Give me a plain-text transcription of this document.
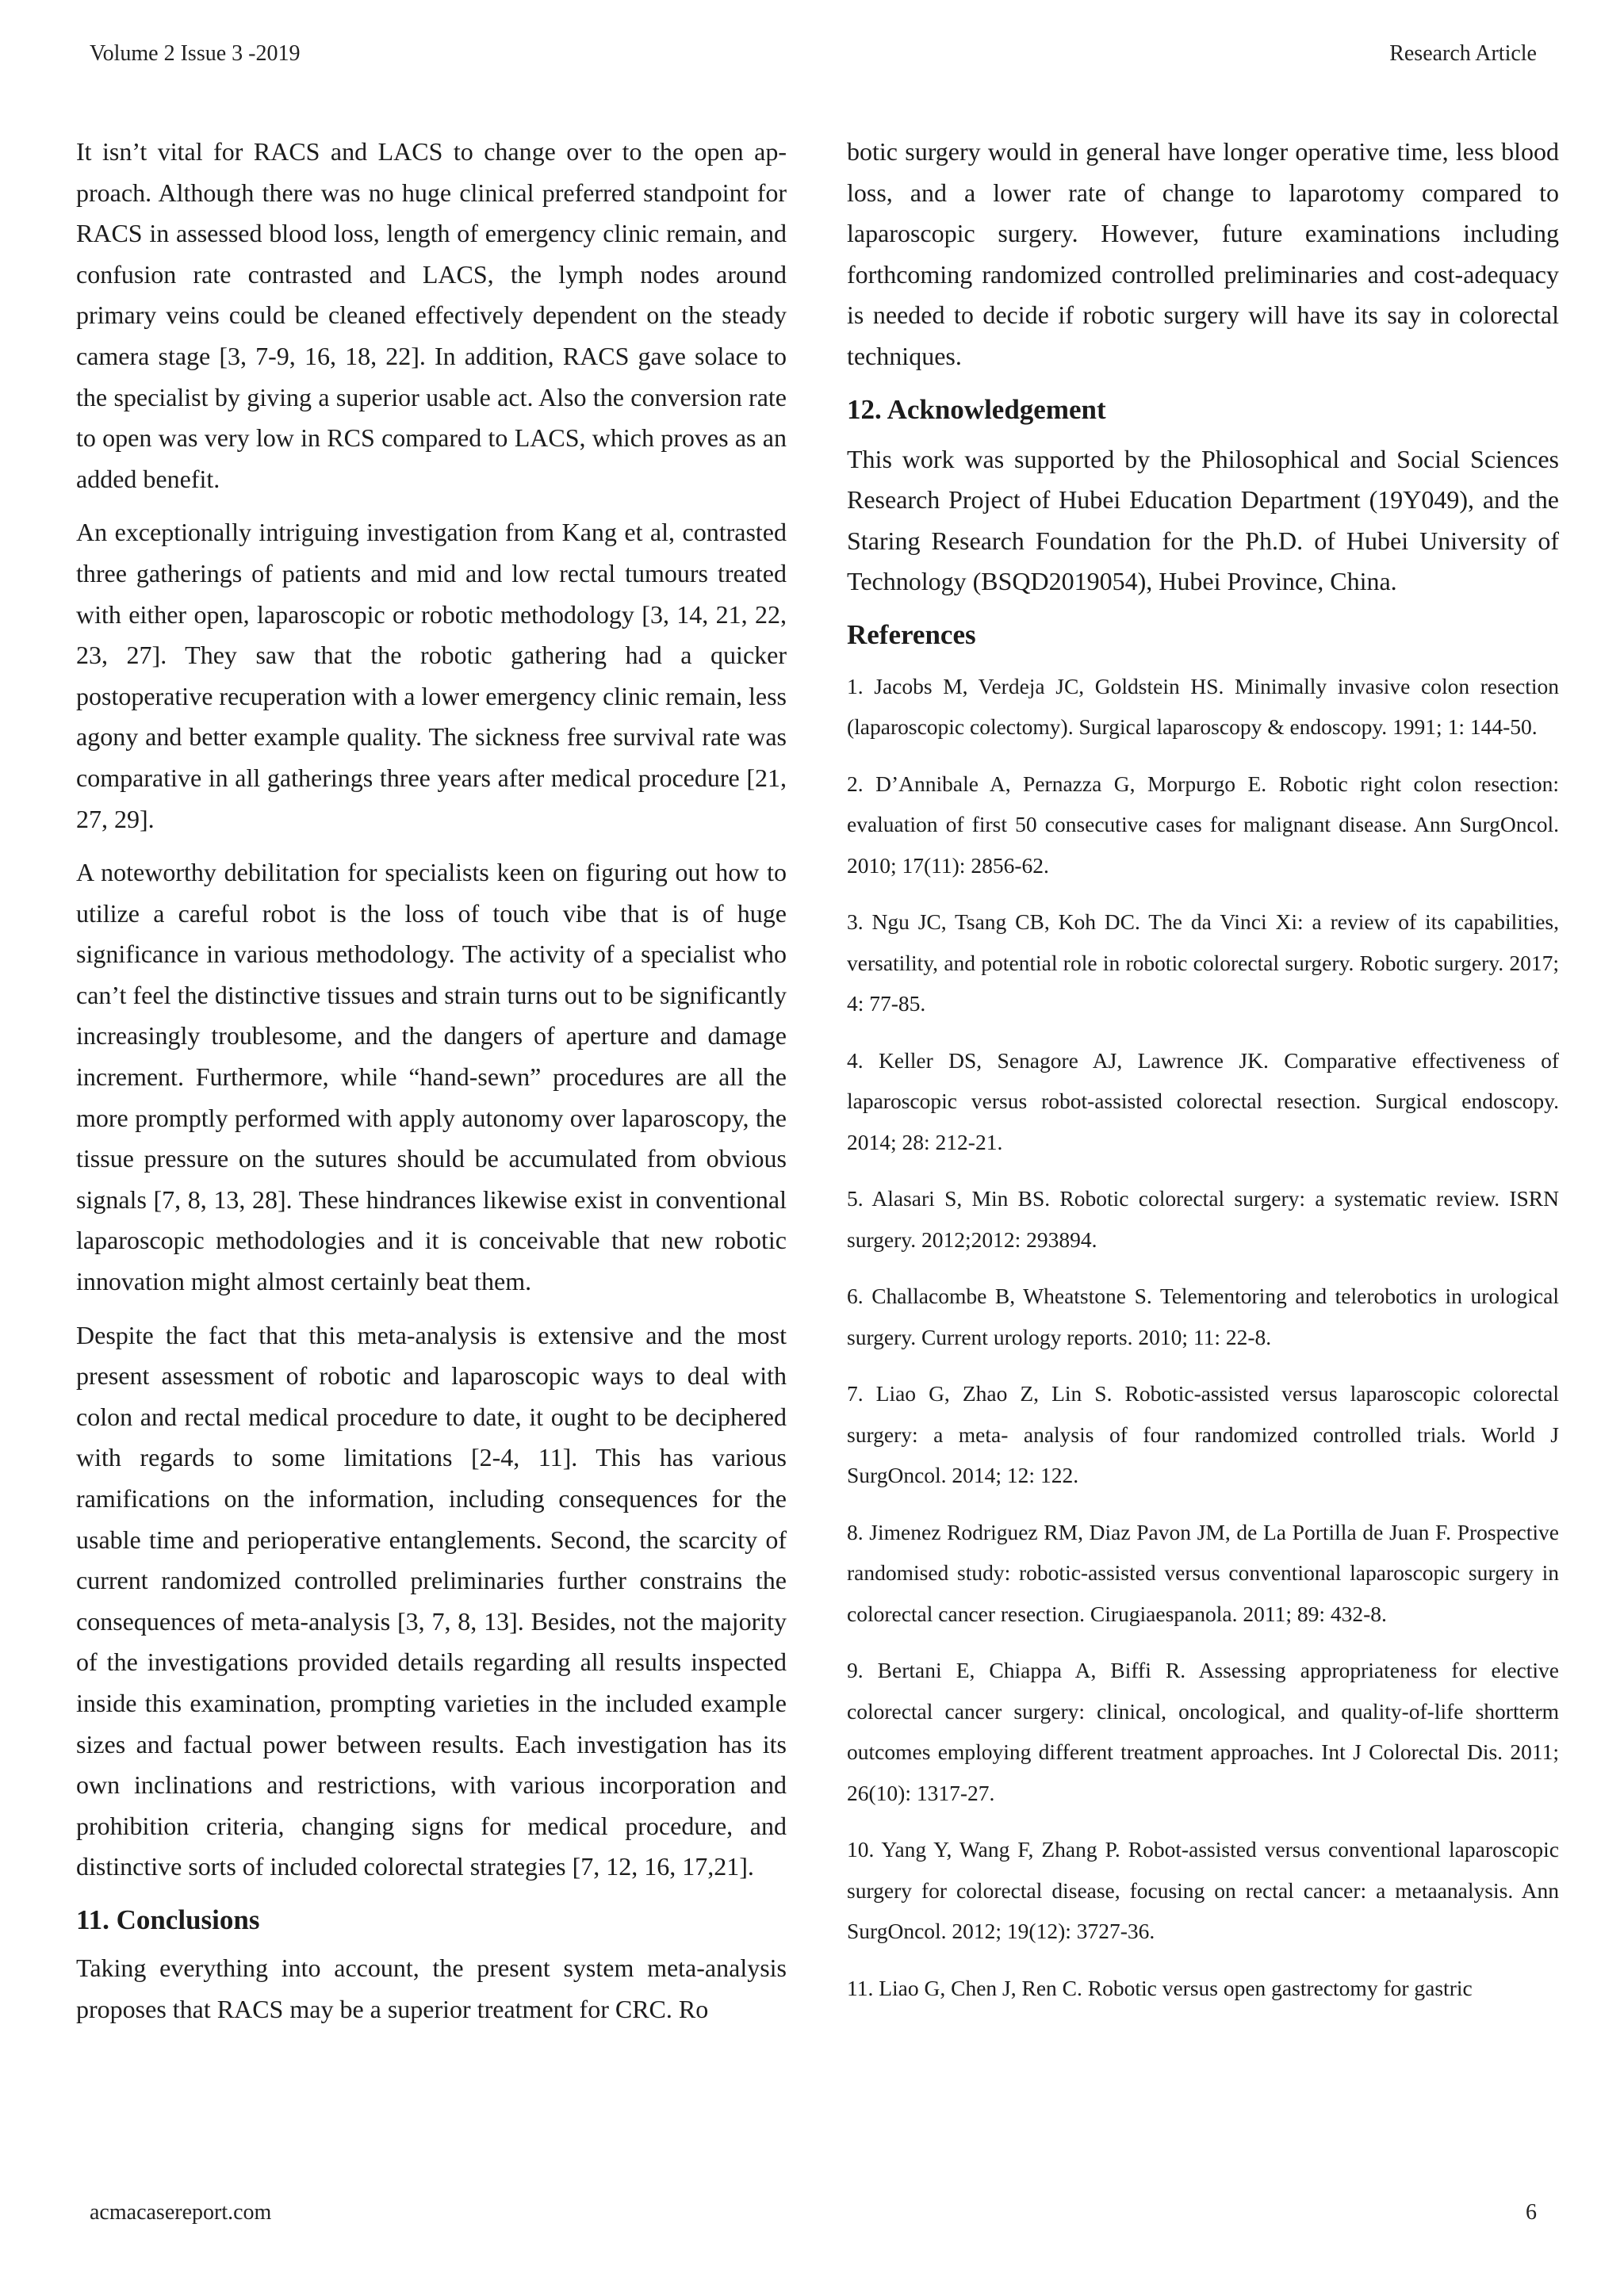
Volume 2 Issue 3 -2019	Research Article

It isn’t vital for RACS and LACS to change over to the open approach. Although there was no huge clinical preferred standpoint for RACS in assessed blood loss, length of emergency clinic remain, and confusion rate contrasted and LACS, the lymph nodes around primary veins could be cleaned effectively dependent on the steady camera stage [3, 7-9, 16, 18, 22]. In addition, RACS gave solace to the specialist by giving a superior usable act. Also the conversion rate to open was very low in RCS compared to LACS, which proves as an added benefit.

An exceptionally intriguing investigation from Kang et al, contrasted three gatherings of patients and mid and low rectal tumours treated with either open, laparoscopic or robotic methodology [3, 14, 21, 22, 23, 27]. They saw that the robotic gathering had a quicker postoperative recuperation with a lower emergency clinic remain, less agony and better example quality. The sickness free survival rate was comparative in all gatherings three years after medical procedure [21, 27, 29].

A noteworthy debilitation for specialists keen on figuring out how to utilize a careful robot is the loss of touch vibe that is of huge significance in various methodology. The activity of a specialist who can’t feel the distinctive tissues and strain turns out to be significantly increasingly troublesome, and the dangers of aperture and damage increment. Furthermore, while “hand-sewn” procedures are all the more promptly performed with apply autonomy over laparoscopy, the tissue pressure on the sutures should be accumulated from obvious signals [7, 8, 13, 28]. These hindrances likewise exist in conventional laparoscopic methodologies and it is conceivable that new robotic innovation might almost certainly beat them.

Despite the fact that this meta-analysis is extensive and the most present assessment of robotic and laparoscopic ways to deal with colon and rectal medical procedure to date, it ought to be deciphered with regards to some limitations [2-4, 11]. This has various ramifications on the information, including consequences for the usable time and perioperative entanglements. Second, the scarcity of current randomized controlled preliminaries further constrains the consequences of meta-analysis [3, 7, 8, 13]. Besides, not the majority of the investigations provided details regarding all results inspected inside this examination, prompting varieties in the included example sizes and factual power between results. Each investigation has its own inclinations and restrictions, with various incorporation and prohibition criteria, changing signs for medical procedure, and distinctive sorts of included colorectal strategies [7, 12, 16, 17,21].

11. Conclusions

Taking everything into account, the present system meta-analysis proposes that RACS may be a superior treatment for CRC. Ro

botic surgery would in general have longer operative time, less blood loss, and a lower rate of change to laparotomy compared to laparoscopic surgery. However, future examinations including forthcoming randomized controlled preliminaries and cost-adequacy is needed to decide if robotic surgery will have its say in colorectal techniques.

12. Acknowledgement

This work was supported by the Philosophical and Social Sciences Research Project of Hubei Education Department (19Y049), and the Staring Research Foundation for the Ph.D. of Hubei University of Technology (BSQD2019054), Hubei Province, China.

References
1. Jacobs M, Verdeja JC, Goldstein HS. Minimally invasive colon resection (laparoscopic colectomy). Surgical laparoscopy & endoscopy. 1991; 1: 144-50.
2. D’Annibale A, Pernazza G, Morpurgo E. Robotic right colon resection: evaluation of first 50 consecutive cases for malignant disease. Ann SurgOncol. 2010; 17(11): 2856-62.
3. Ngu JC, Tsang CB, Koh DC. The da Vinci Xi: a review of its capabilities, versatility, and potential role in robotic colorectal surgery. Robotic surgery. 2017; 4: 77-85.
4. Keller DS, Senagore AJ, Lawrence JK. Comparative effectiveness of laparoscopic versus robot-assisted colorectal resection. Surgical endoscopy. 2014; 28: 212-21.
5. Alasari S, Min BS. Robotic colorectal surgery: a systematic review. ISRN surgery. 2012;2012: 293894.
6. Challacombe B, Wheatstone S. Telementoring and telerobotics in urological surgery. Current urology reports. 2010; 11: 22-8.
7. Liao G, Zhao Z, Lin S. Robotic-assisted versus laparoscopic colorectal surgery: a meta- analysis of four randomized controlled trials. World J SurgOncol. 2014; 12: 122.
8. Jimenez Rodriguez RM, Diaz Pavon JM, de La Portilla de Juan F. Prospective randomised study: robotic-assisted versus conventional laparoscopic surgery in colorectal cancer resection. Cirugiaespanola. 2011; 89: 432-8.
9. Bertani E, Chiappa A, Biffi R. Assessing appropriateness for elective colorectal cancer surgery: clinical, oncological, and quality-of-life shortterm outcomes employing different treatment approaches. Int J Colorectal Dis. 2011; 26(10): 1317-27.
10. Yang Y, Wang F, Zhang P. Robot-assisted versus conventional laparoscopic surgery for colorectal disease, focusing on rectal cancer: a metaanalysis. Ann SurgOncol. 2012; 19(12): 3727-36.
11. Liao G, Chen J, Ren C. Robotic versus open gastrectomy for gastric
acmacasereport.com	6
